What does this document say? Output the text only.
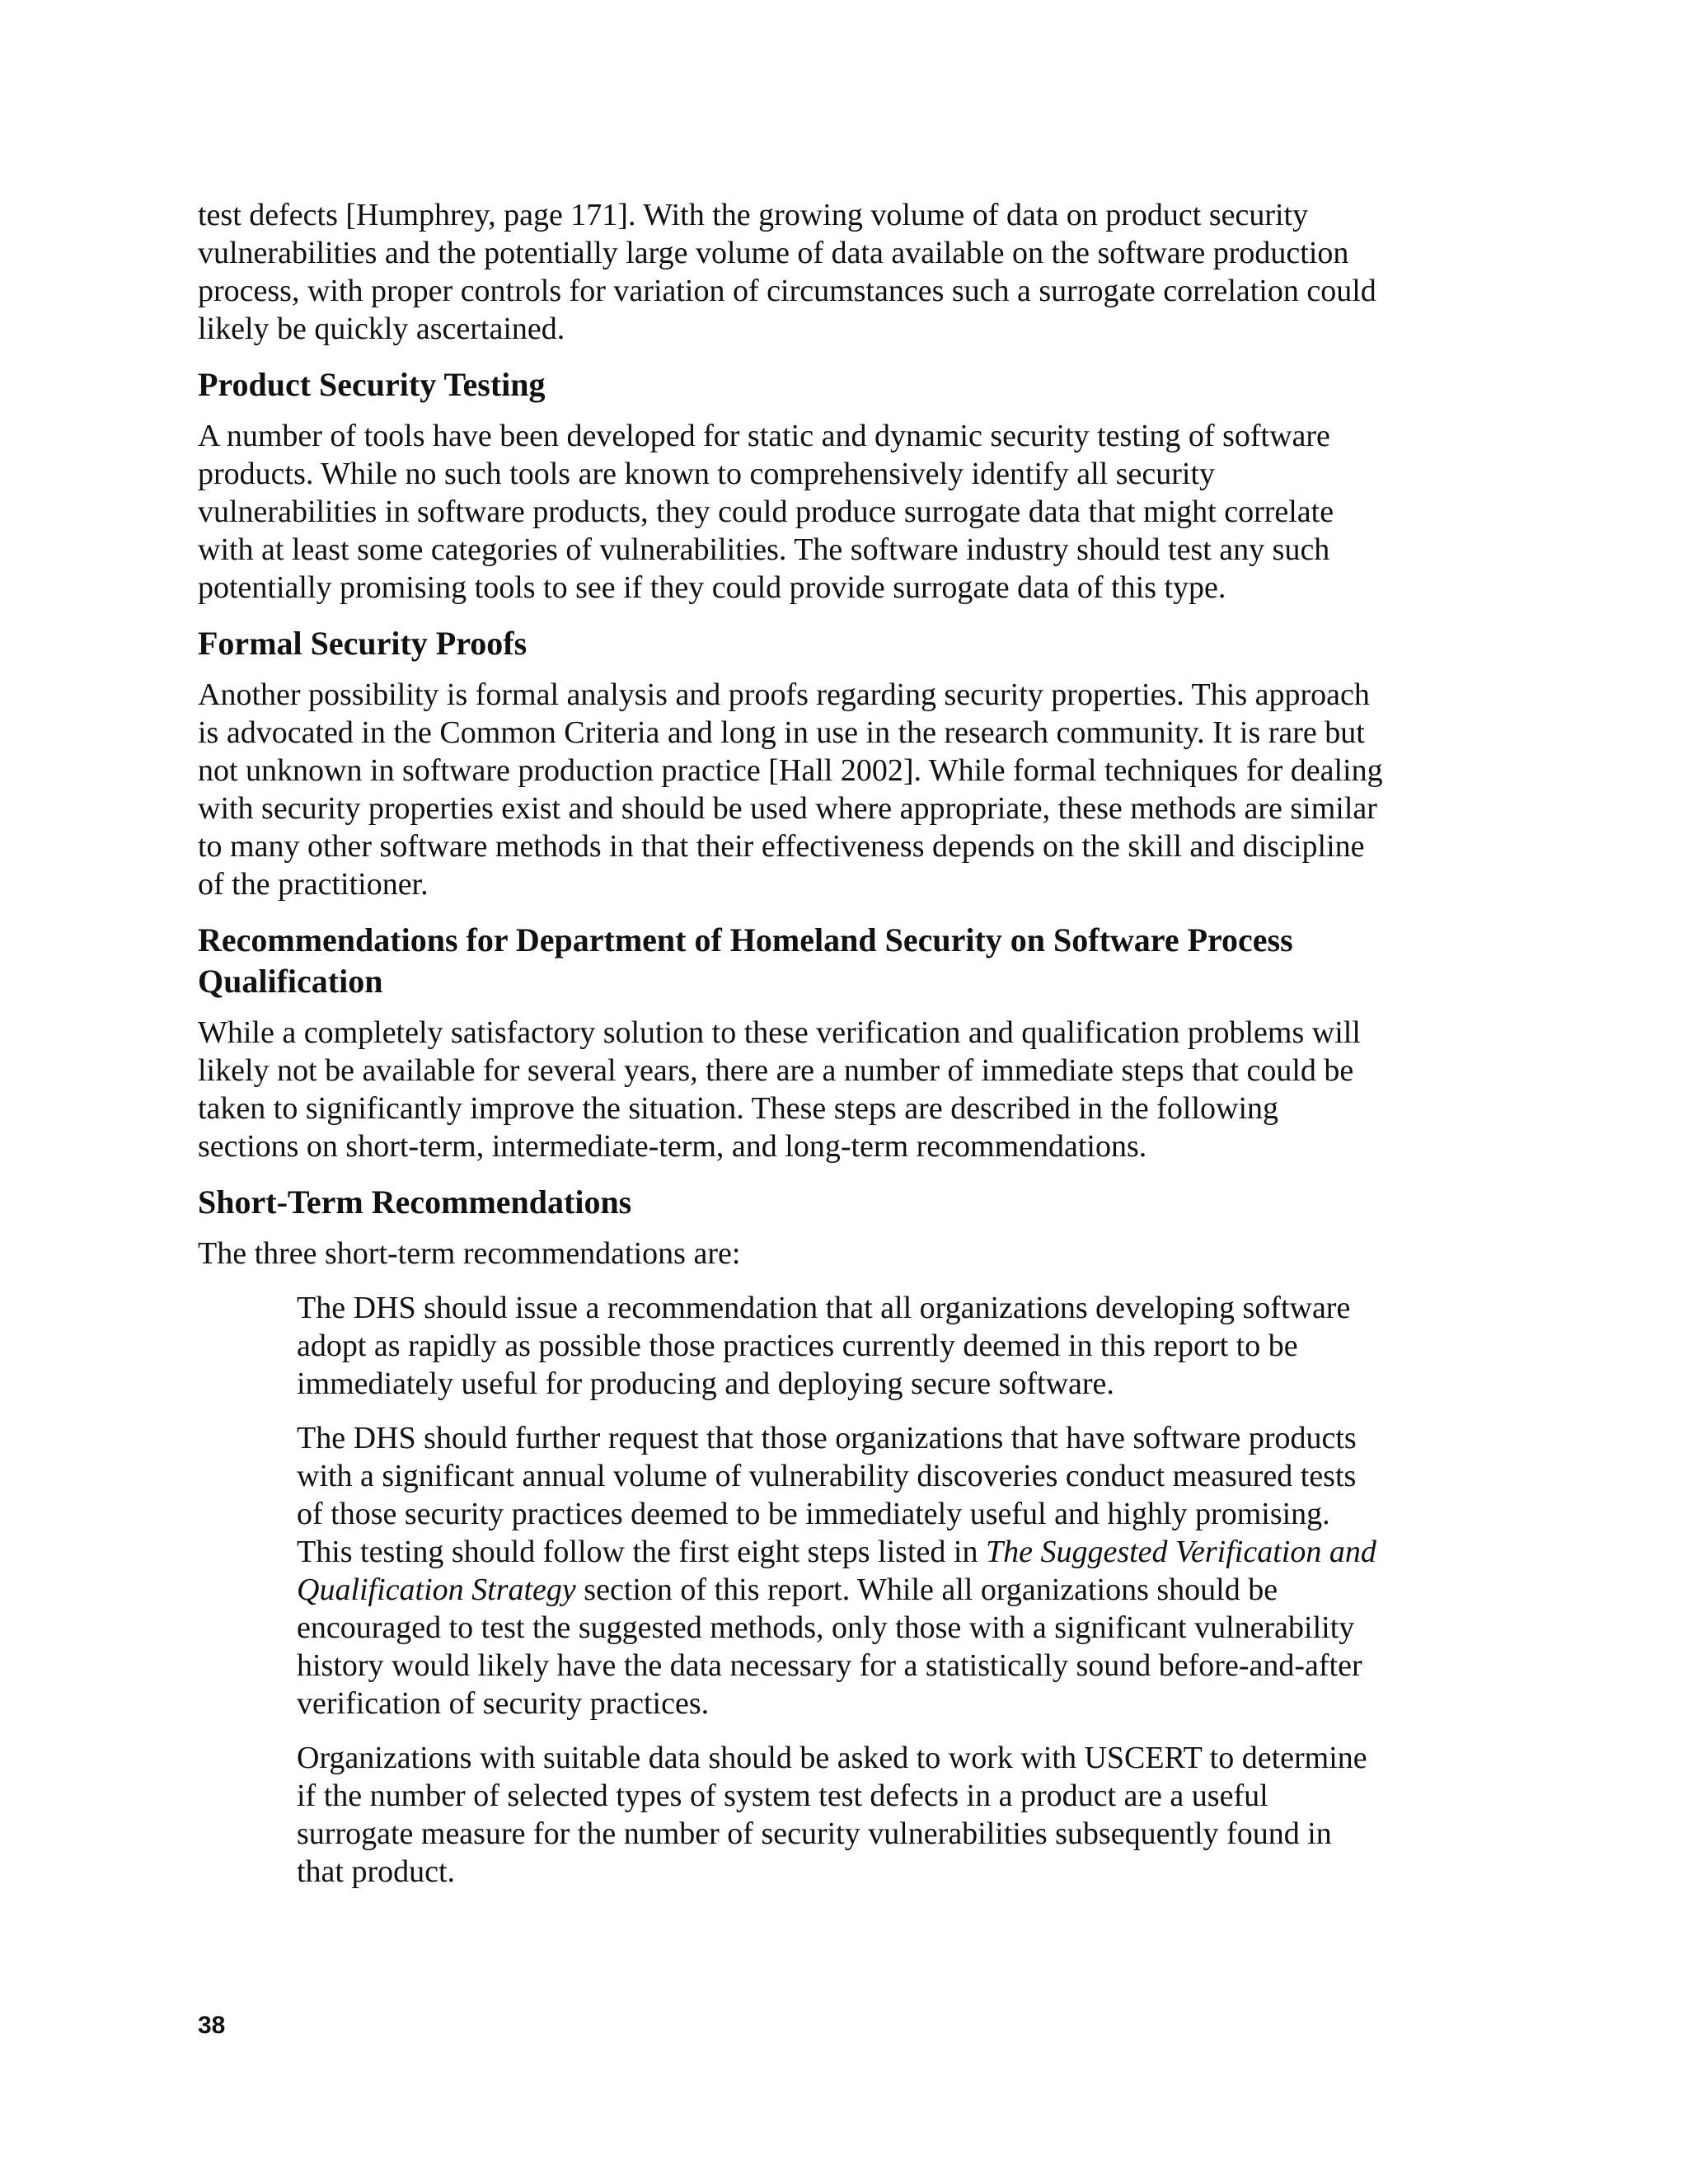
test defects [Humphrey, page 171]. With the growing volume of data on product security vulnerabilities and the potentially large volume of data available on the software production process, with proper controls for variation of circumstances such a surrogate correlation could likely be quickly ascertained.

Product Security Testing

A number of tools have been developed for static and dynamic security testing of software products. While no such tools are known to comprehensively identify all security vulnerabilities in software products, they could produce surrogate data that might correlate with at least some categories of vulnerabilities. The software industry should test any such potentially promising tools to see if they could provide surrogate data of this type.

Formal Security Proofs

Another possibility is formal analysis and proofs regarding security properties. This approach is advocated in the Common Criteria and long in use in the research community. It is rare but not unknown in software production practice [Hall 2002]. While formal techniques for dealing with security properties exist and should be used where appropriate, these methods are similar to many other software methods in that their effectiveness depends on the skill and discipline of the practitioner.

Recommendations for Department of Homeland Security on Software Process Qualification

While a completely satisfactory solution to these verification and qualification problems will likely not be available for several years, there are a number of immediate steps that could be taken to significantly improve the situation. These steps are described in the following sections on short-term, intermediate-term, and long-term recommendations.

Short-Term Recommendations

The three short-term recommendations are:

The DHS should issue a recommendation that all organizations developing software adopt as rapidly as possible those practices currently deemed in this report to be immediately useful for producing and deploying secure software.

The DHS should further request that those organizations that have software products with a significant annual volume of vulnerability discoveries conduct measured tests of those security practices deemed to be immediately useful and highly promising. This testing should follow the first eight steps listed in The Suggested Verification and Qualification Strategy section of this report. While all organizations should be encouraged to test the suggested methods, only those with a significant vulnerability history would likely have the data necessary for a statistically sound before-and-after verification of security practices.

Organizations with suitable data should be asked to work with USCERT to determine if the number of selected types of system test defects in a product are a useful surrogate measure for the number of security vulnerabilities subsequently found in that product.

38
